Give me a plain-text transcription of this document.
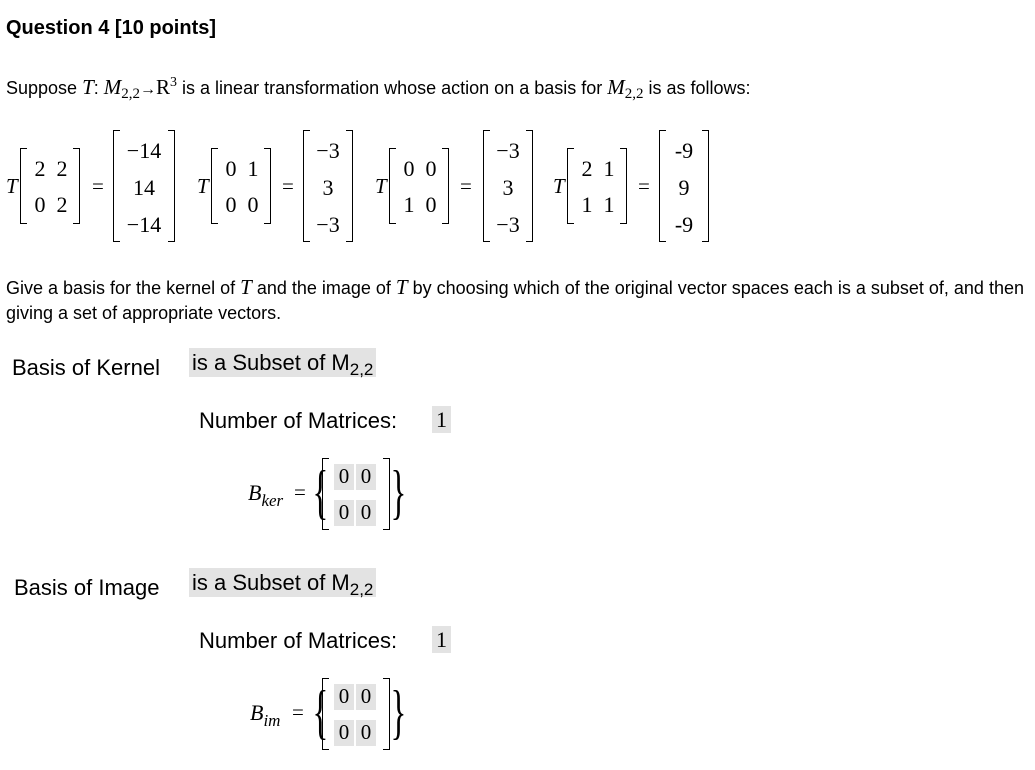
Question 4 [10 points]
Suppose T: $M_{2,2}\to R^3$ is a linear transformation whose action on a basis for $M_{2,2}$ is as follows:
T
2 2
0 2
=
−14
14
−14
T
0 1
0 0
=
−3
3
−3
T
0 0
1 0
=
−3
3
−3
T
2 1
1 1
=
-9
9
-9
Give a basis for the kernel of T and the image of T by choosing which of the original vector spaces each is a subset of, and then giving a set of appropriate vectors.
Basis of Kernel is a Subset of $M_{2,2}$
Number of Matrices: 1
$B_{ker}$ = { }
0 0
0 0
Basis of Image is a Subset of $M_{2,2}$
Number of Matrices: 1
$B_{im}$ = { }
0 0
0 0
